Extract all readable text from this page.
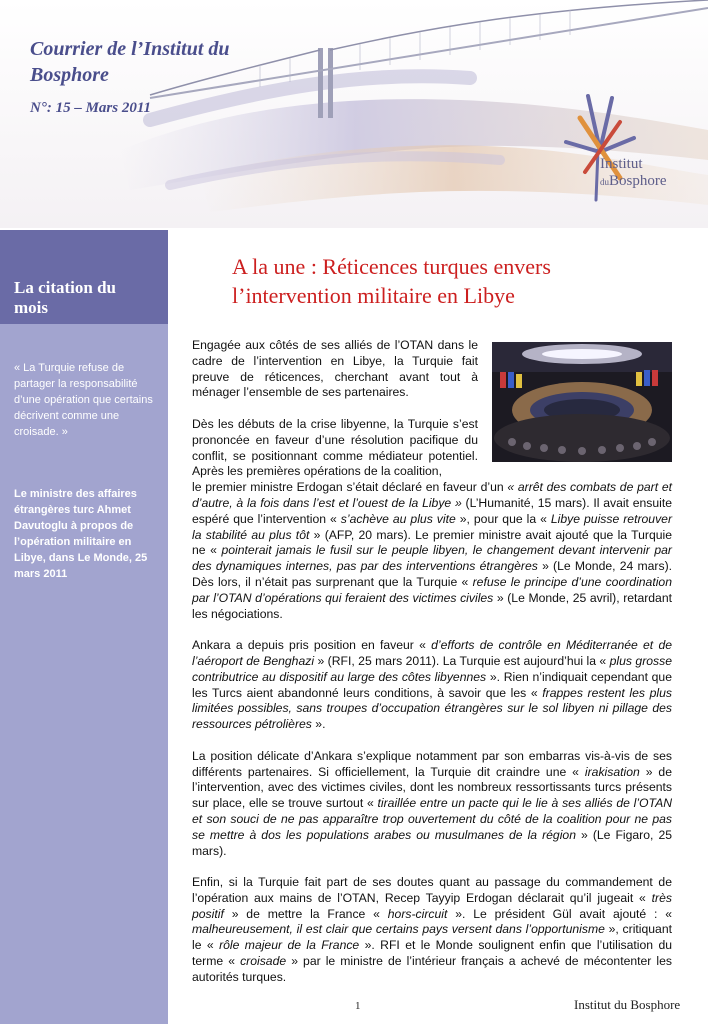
Courrier de l’Institut du Bosphore

N°: 15 – Mars 2011

Institut
duBosphore
La citation du mois

« La Turquie refuse de partager la responsabilité d’une opération que certains décrivent comme une croisade. »

Le ministre des affaires étrangères turc Ahmet Davutoglu à propos de l’opération militaire en Libye, dans Le Monde, 25 mars 2011

A la une : Réticences turques envers l’intervention militaire en Libye

Engagée aux côtés de ses alliés de l’OTAN dans le cadre de l’intervention en Libye, la Turquie fait preuve de réticences, cherchant avant tout à ménager l’ensemble de ses partenaires.

Dès les débuts de la crise libyenne, la Turquie s’est prononcée en faveur d’une résolution pacifique du conflit, se positionnant comme médiateur potentiel. Après les premières opérations de la coalition,
le premier ministre Erdogan s’était déclaré en faveur d’un « arrêt des combats de part et d’autre, à la fois dans l’est et l’ouest de la Libye » (L’Humanité, 15 mars). Il avait ensuite espéré que l’intervention « s’achève au plus vite », pour que la « Libye puisse retrouver la stabilité au plus tôt » (AFP, 20 mars). Le premier ministre avait ajouté que la Turquie ne « pointerait jamais le fusil sur le peuple libyen, le changement devant intervenir par des dynamiques internes, pas par des interventions étrangères » (Le Monde, 24 mars). Dès lors, il n’était pas surprenant que la Turquie « refuse le principe d’une coordination par l’OTAN d’opérations qui feraient des victimes civiles » (Le Monde, 25 avril), retardant les négociations.

Ankara a depuis pris position en faveur « d’efforts de contrôle en Méditerranée et de l’aéroport de Benghazi » (RFI, 25 mars 2011). La Turquie est aujourd’hui la « plus grosse contributrice au dispositif au large des côtes libyennes ». Rien n’indiquait cependant que les Turcs aient abandonné leurs conditions, à savoir que les « frappes restent les plus limitées possibles, sans troupes d’occupation étrangères sur le sol libyen ni pillage des ressources pétrolières ».

La position délicate d’Ankara s’explique notamment par son embarras vis-à-vis de ses différents partenaires. Si officiellement, la Turquie dit craindre une « irakisation » de l’intervention, avec des victimes civiles, dont les nombreux ressortissants turcs présents sur place, elle se trouve surtout « tiraillée entre un pacte qui le lie à ses alliés de l’OTAN et son souci de ne pas apparaître trop ouvertement du côté de la coalition pour ne pas se mettre à dos les populations arabes ou musulmanes de la région » (Le Figaro, 25 mars).

Enfin, si la Turquie fait part de ses doutes quant au passage du commandement de l’opération aux mains de l’OTAN, Recep Tayyip Erdogan déclarait qu’il jugeait « très positif » de mettre la France « hors-circuit ». Le président Gül avait ajouté : « malheureusement, il est clair que certains pays versent dans l’opportunisme », critiquant le « rôle majeur de la France ». RFI et le Monde soulignent enfin que l’utilisation du terme « croisade » par le ministre de l’intérieur français a achevé de mécontenter les autorités turques.

1	Institut du Bosphore
